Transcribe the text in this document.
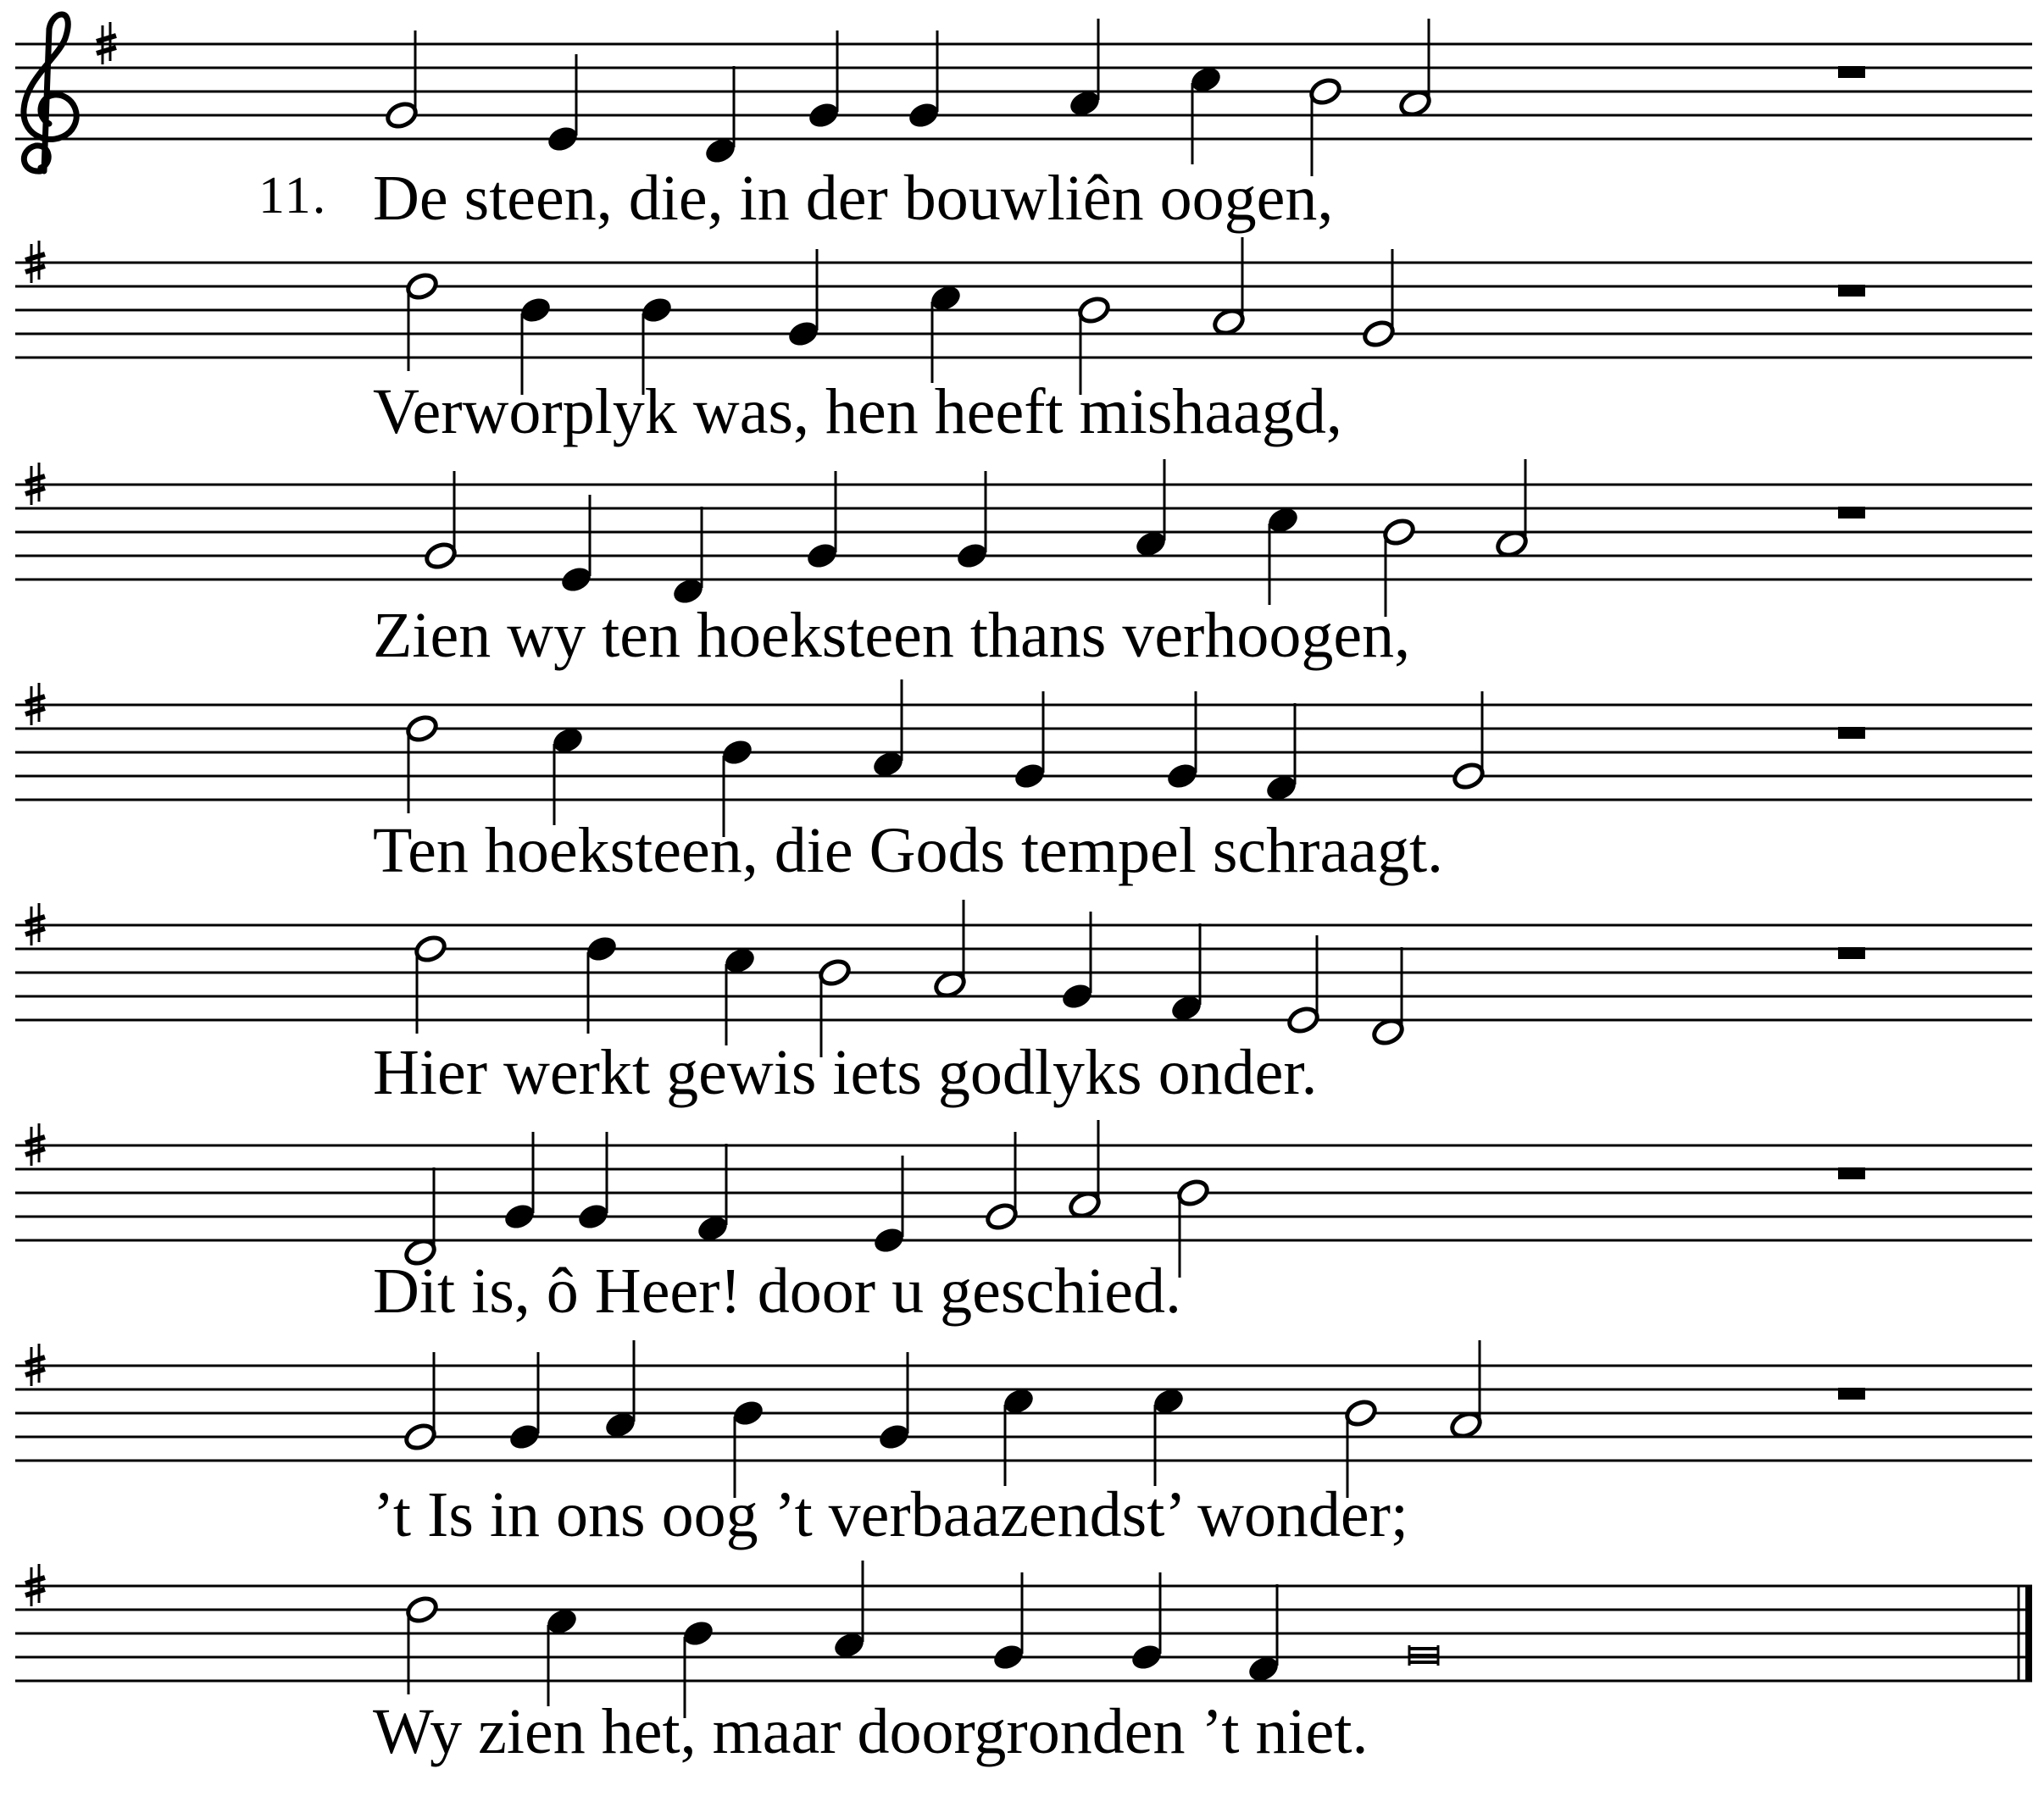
11. De steen, die, in der bouwliên oogen,
Verworplyk was, hen heeft mishaagd,
Zien wy ten hoeksteen thans verhoogen,
Ten hoeksteen, die Gods tempel schraagt.
Hier werkt gewis iets godlyks onder.
Dit is, ô Heer! door u geschied.
’t Is in ons oog ’t verbaazendst’ wonder;
Wy zien het, maar doorgronden ’t niet.
